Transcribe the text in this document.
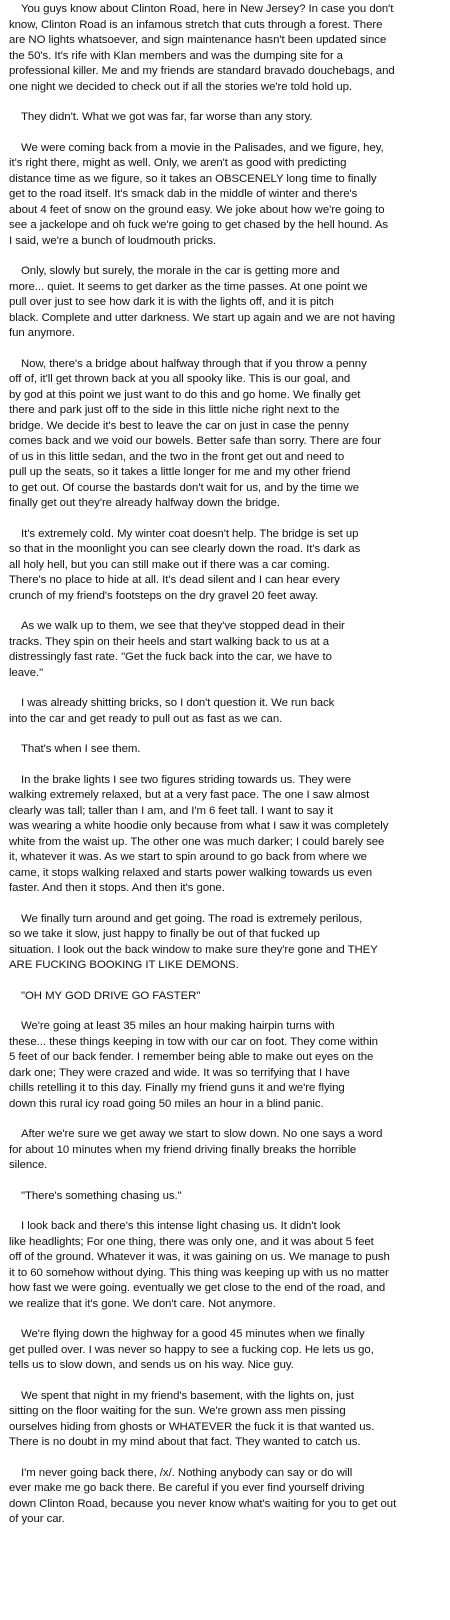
You guys know about Clinton Road, here in New Jersey? In case you don't
know, Clinton Road is an infamous stretch that cuts through a forest. There
are NO lights whatsoever, and sign maintenance hasn't been updated since
the 50's. It's rife with Klan members and was the dumping site for a
professional killer. Me and my friends are standard bravado douchebags, and
one night we decided to check out if all the stories we're told hold up.

They didn't. What we got was far, far worse than any story.

We were coming back from a movie in the Palisades, and we figure, hey,
it's right there, might as well. Only, we aren't as good with predicting
distance time as we figure, so it takes an OBSCENELY long time to finally
get to the road itself. It's smack dab in the middle of winter and there's
about 4 feet of snow on the ground easy. We joke about how we're going to
see a jackelope and oh fuck we're going to get chased by the hell hound. As
I said, we're a bunch of loudmouth pricks.

Only, slowly but surely, the morale in the car is getting more and
more... quiet. It seems to get darker as the time passes. At one point we
pull over just to see how dark it is with the lights off, and it is pitch
black. Complete and utter darkness. We start up again and we are not having
fun anymore.

Now, there's a bridge about halfway through that if you throw a penny
off of, it'll get thrown back at you all spooky like. This is our goal, and
by god at this point we just want to do this and go home. We finally get
there and park just off to the side in this little niche right next to the
bridge. We decide it's best to leave the car on just in case the penny
comes back and we void our bowels. Better safe than sorry. There are four
of us in this little sedan, and the two in the front get out and need to
pull up the seats, so it takes a little longer for me and my other friend
to get out. Of course the bastards don't wait for us, and by the time we
finally get out they're already halfway down the bridge.

It's extremely cold. My winter coat doesn't help. The bridge is set up
so that in the moonlight you can see clearly down the road. It's dark as
all holy hell, but you can still make out if there was a car coming.
There's no place to hide at all. It's dead silent and I can hear every
crunch of my friend's footsteps on the dry gravel 20 feet away.

As we walk up to them, we see that they've stopped dead in their
tracks. They spin on their heels and start walking back to us at a
distressingly fast rate. "Get the fuck back into the car, we have to
leave."

I was already shitting bricks, so I don't question it. We run back
into the car and get ready to pull out as fast as we can.

That's when I see them.

In the brake lights I see two figures striding towards us. They were
walking extremely relaxed, but at a very fast pace. The one I saw almost
clearly was tall; taller than I am, and I'm 6 feet tall. I want to say it
was wearing a white hoodie only because from what I saw it was completely
white from the waist up. The other one was much darker; I could barely see
it, whatever it was. As we start to spin around to go back from where we
came, it stops walking relaxed and starts power walking towards us even
faster. And then it stops. And then it's gone.

We finally turn around and get going. The road is extremely perilous,
so we take it slow, just happy to finally be out of that fucked up
situation. I look out the back window to make sure they're gone and THEY
ARE FUCKING BOOKING IT LIKE DEMONS.

"OH MY GOD DRIVE GO FASTER"

We're going at least 35 miles an hour making hairpin turns with
these... these things keeping in tow with our car on foot. They come within
5 feet of our back fender. I remember being able to make out eyes on the
dark one; They were crazed and wide. It was so terrifying that I have
chills retelling it to this day. Finally my friend guns it and we're flying
down this rural icy road going 50 miles an hour in a blind panic.

After we're sure we get away we start to slow down. No one says a word
for about 10 minutes when my friend driving finally breaks the horrible
silence.

"There's something chasing us."

I look back and there's this intense light chasing us. It didn't look
like headlights; For one thing, there was only one, and it was about 5 feet
off of the ground. Whatever it was, it was gaining on us. We manage to push
it to 60 somehow without dying. This thing was keeping up with us no matter
how fast we were going. eventually we get close to the end of the road, and
we realize that it's gone. We don't care. Not anymore.

We're flying down the highway for a good 45 minutes when we finally
get pulled over. I was never so happy to see a fucking cop. He lets us go,
tells us to slow down, and sends us on his way. Nice guy.

We spent that night in my friend's basement, with the lights on, just
sitting on the floor waiting for the sun. We're grown ass men pissing
ourselves hiding from ghosts or WHATEVER the fuck it is that wanted us.
There is no doubt in my mind about that fact. They wanted to catch us.

I'm never going back there, /x/. Nothing anybody can say or do will
ever make me go back there. Be careful if you ever find yourself driving
down Clinton Road, because you never know what's waiting for you to get out
of your car.
